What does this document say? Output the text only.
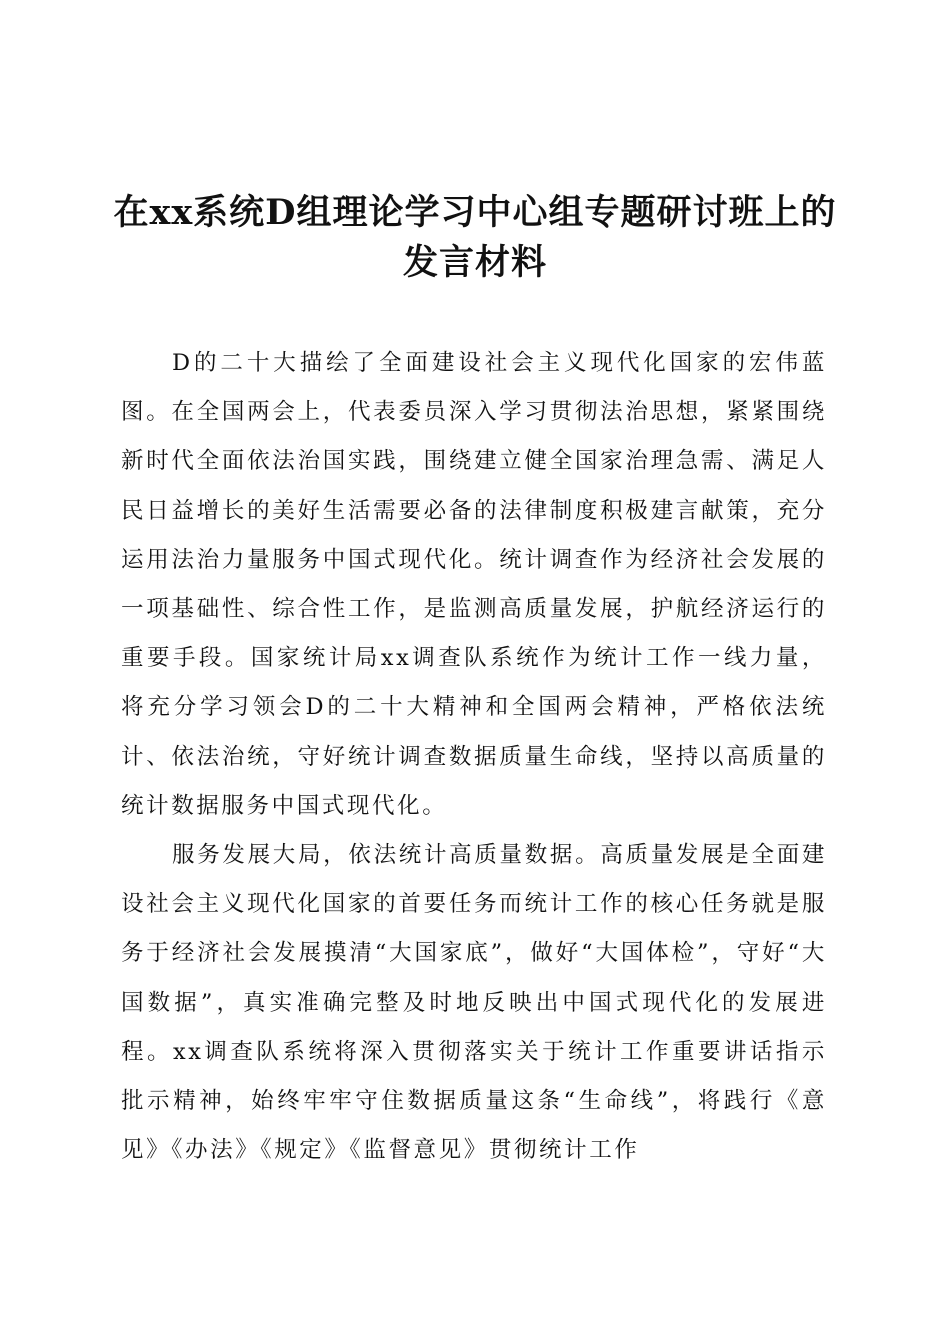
在xx系统D组理论学习中心组专题研讨班上的发言材料

D的二十大描绘了全面建设社会主义现代化国家的宏伟蓝图。在全国两会上，代表委员深入学习贯彻法治思想，紧紧围绕新时代全面依法治国实践，围绕建立健全国家治理急需、满足人民日益增长的美好生活需要必备的法律制度积极建言献策，充分运用法治力量服务中国式现代化。统计调查作为经济社会发展的一项基础性、综合性工作，是监测高质量发展，护航经济运行的重要手段。国家统计局xx调查队系统作为统计工作一线力量，将充分学习领会D的二十大精神和全国两会精神，严格依法统计、依法治统，守好统计调查数据质量生命线，坚持以高质量的统计数据服务中国式现代化。

服务发展大局，依法统计高质量数据。高质量发展是全面建设社会主义现代化国家的首要任务而统计工作的核心任务就是服务于经济社会发展摸清“大国家底”，做好“大国体检”，守好“大国数据”，真实准确完整及时地反映出中国式现代化的发展进程。xx调查队系统将深入贯彻落实关于统计工作重要讲话指示批示精神，始终牢牢守住数据质量这条“生命线”，将践行《意见》《办法》《规定》《监督意见》贯彻统计工作
